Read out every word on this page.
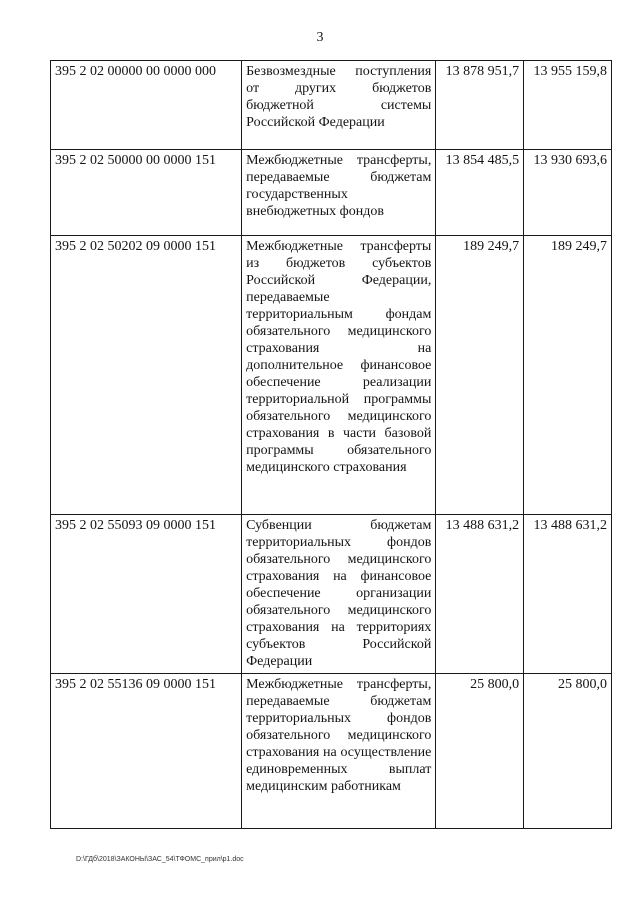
3
395 2 02 00000 00 0000 000	Безвозмездные поступления от других бюджетов бюджетной системы Российской Федерации	13 878 951,7	13 955 159,8
395 2 02 50000 00 0000 151	Межбюджетные трансферты, передаваемые бюджетам государственных внебюджетных фондов	13 854 485,5	13 930 693,6
395 2 02 50202 09 0000 151	Межбюджетные трансферты из бюджетов субъектов Российской Федерации, передаваемые территориальным фондам обязательного медицинского страхования на дополнительное финансовое обеспечение реализации территориальной программы обязательного медицинского страхования в части базовой программы обязательного медицинского страхования	189 249,7	189 249,7
395 2 02 55093 09 0000 151	Субвенции бюджетам территориальных фондов обязательного медицинского страхования на финансовое обеспечение организации обязательного медицинского страхования на территориях субъектов Российской Федерации	13 488 631,2	13 488 631,2
395 2 02 55136 09 0000 151	Межбюджетные трансферты, передаваемые бюджетам территориальных фондов обязательного медицинского страхования на осуществление единовременных выплат медицинским работникам	25 800,0	25 800,0
D:\ГДб\2018\ЗАКОНЫ\ЗАС_54\ТФОМС_прил\р1.doc
